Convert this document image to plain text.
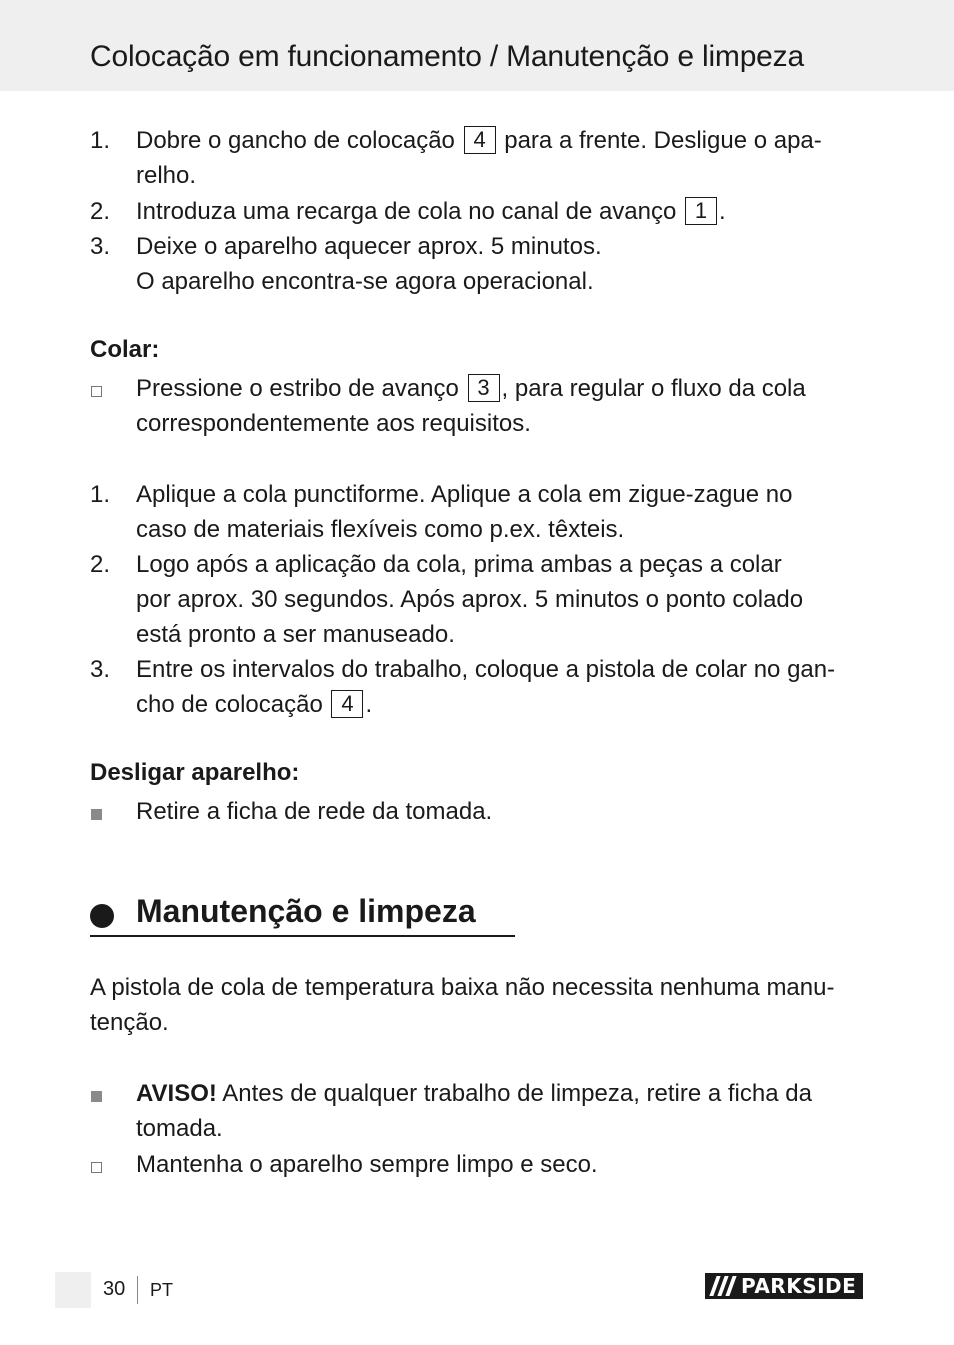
Colocação em funcionamento / Manutenção e limpeza
1.	Dobre o gancho de colocação 4 para a frente. Desligue o apa-
relho.
2.	Introduza uma recarga de cola no canal de avanço 1 .
3.	Deixe o aparelho aquecer aprox. 5 minutos.
O aparelho encontra-se agora operacional.
Colar:
Pressione o estribo de avanço 3 , para regular o fluxo da cola
correspondentemente aos requisitos.
1.	Aplique a cola punctiforme. Aplique a cola em zigue-zague no
caso de materiais flexíveis como p.ex. têxteis.
2.	Logo após a aplicação da cola, prima ambas a peças a colar
por aprox. 30 segundos. Após aprox. 5 minutos o ponto colado
está pronto a ser manuseado.
3.	Entre os intervalos do trabalho, coloque a pistola de colar no gan-
cho de colocação 4 .
Desligar aparelho:
Retire a ficha de rede da tomada.
Manutenção e limpeza
A pistola de cola de temperatura baixa não necessita nenhuma manu-
tenção.
AVISO! Antes de qualquer trabalho de limpeza, retire a ficha da
tomada.
Mantenha o aparelho sempre limpo e seco.
30 PT	PARKSIDE
